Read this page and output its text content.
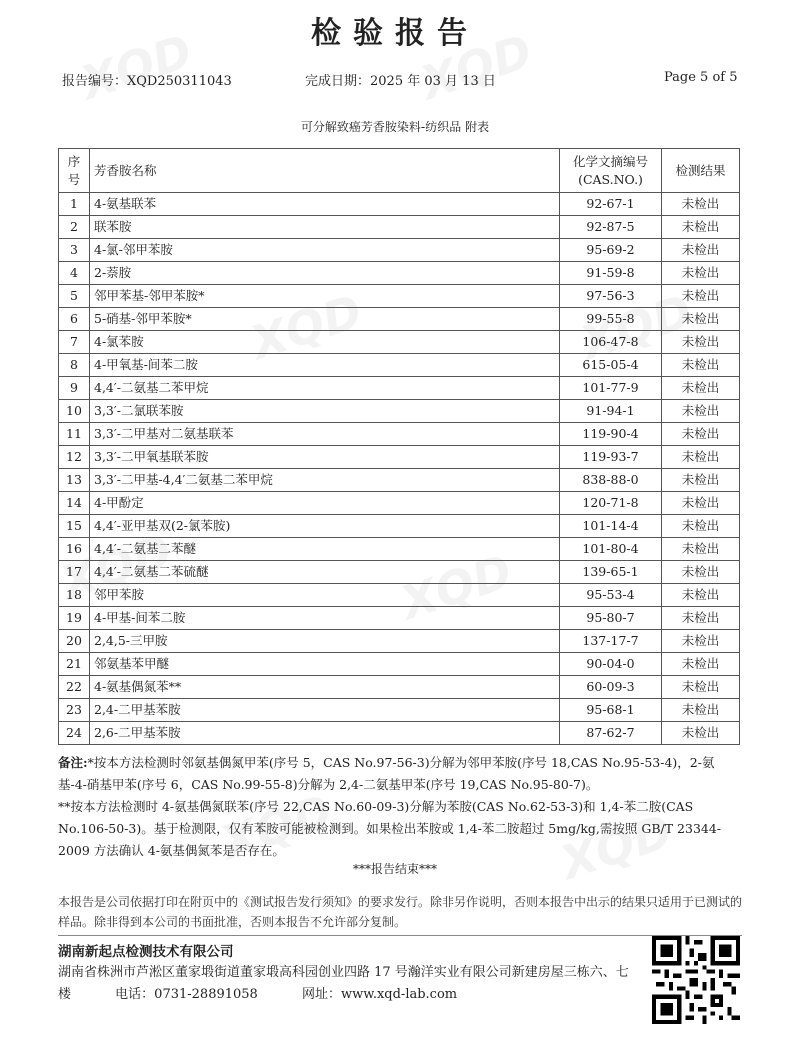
检验报告
报告编号：XQD250311043	完成日期：2025 年 03 月 13 日	Page 5 of 5
可分解致癌芳香胺染料-纺织品 附表
序号	芳香胺名称	化学文摘编号(CAS.NO.)	检测结果
1	4-氨基联苯	92-67-1	未检出
2	联苯胺	92-87-5	未检出
3	4-氯-邻甲苯胺	95-69-2	未检出
4	2-萘胺	91-59-8	未检出
5	邻甲苯基-邻甲苯胺*	97-56-3	未检出
6	5-硝基-邻甲苯胺*	99-55-8	未检出
7	4-氯苯胺	106-47-8	未检出
8	4-甲氧基-间苯二胺	615-05-4	未检出
9	4,4′-二氨基二苯甲烷	101-77-9	未检出
10	3,3′-二氯联苯胺	91-94-1	未检出
11	3,3′-二甲基对二氨基联苯	119-90-4	未检出
12	3,3′-二甲氧基联苯胺	119-93-7	未检出
13	3,3′-二甲基-4,4′二氨基二苯甲烷	838-88-0	未检出
14	4-甲酚定	120-71-8	未检出
15	4,4′-亚甲基双(2-氯苯胺)	101-14-4	未检出
16	4,4′-二氨基二苯醚	101-80-4	未检出
17	4,4′-二氨基二苯硫醚	139-65-1	未检出
18	邻甲苯胺	95-53-4	未检出
19	4-甲基-间苯二胺	95-80-7	未检出
20	2,4,5-三甲胺	137-17-7	未检出
21	邻氨基苯甲醚	90-04-0	未检出
22	4-氨基偶氮苯**	60-09-3	未检出
23	2,4-二甲基苯胺	95-68-1	未检出
24	2,6-二甲基苯胺	87-62-7	未检出

备注:*按本方法检测时邻氨基偶氮甲苯(序号 5，CAS No.97-56-3)分解为邻甲苯胺(序号 18,CAS No.95-53-4)，2-氨基-4-硝基甲苯(序号 6，CAS No.99-55-8)分解为 2,4-二氨基甲苯(序号 19,CAS No.95-80-7)。

**按本方法检测时 4-氨基偶氮联苯(序号 22,CAS No.60-09-3)分解为苯胺(CAS No.62-53-3)和 1,4-苯二胺(CAS No.106-50-3)。基于检测限，仅有苯胺可能被检测到。如果检出苯胺或 1,4-苯二胺超过 5mg/kg,需按照 GB/T 23344-2009 方法确认 4-氨基偶氮苯是否存在。

***报告结束***
本报告是公司依据打印在附页中的《测试报告发行须知》的要求发行。除非另作说明，否则本报告中出示的结果只适用于已测试的样品。除非得到本公司的书面批准，否则本报告不允许部分复制。
湖南新起点检测技术有限公司
湖南省株洲市芦淞区董家塅街道董家塅高科园创业四路 17 号瀚洋实业有限公司新建房屋三栋六、七楼	电话：0731-28891058	网址：www.xqd-lab.com
